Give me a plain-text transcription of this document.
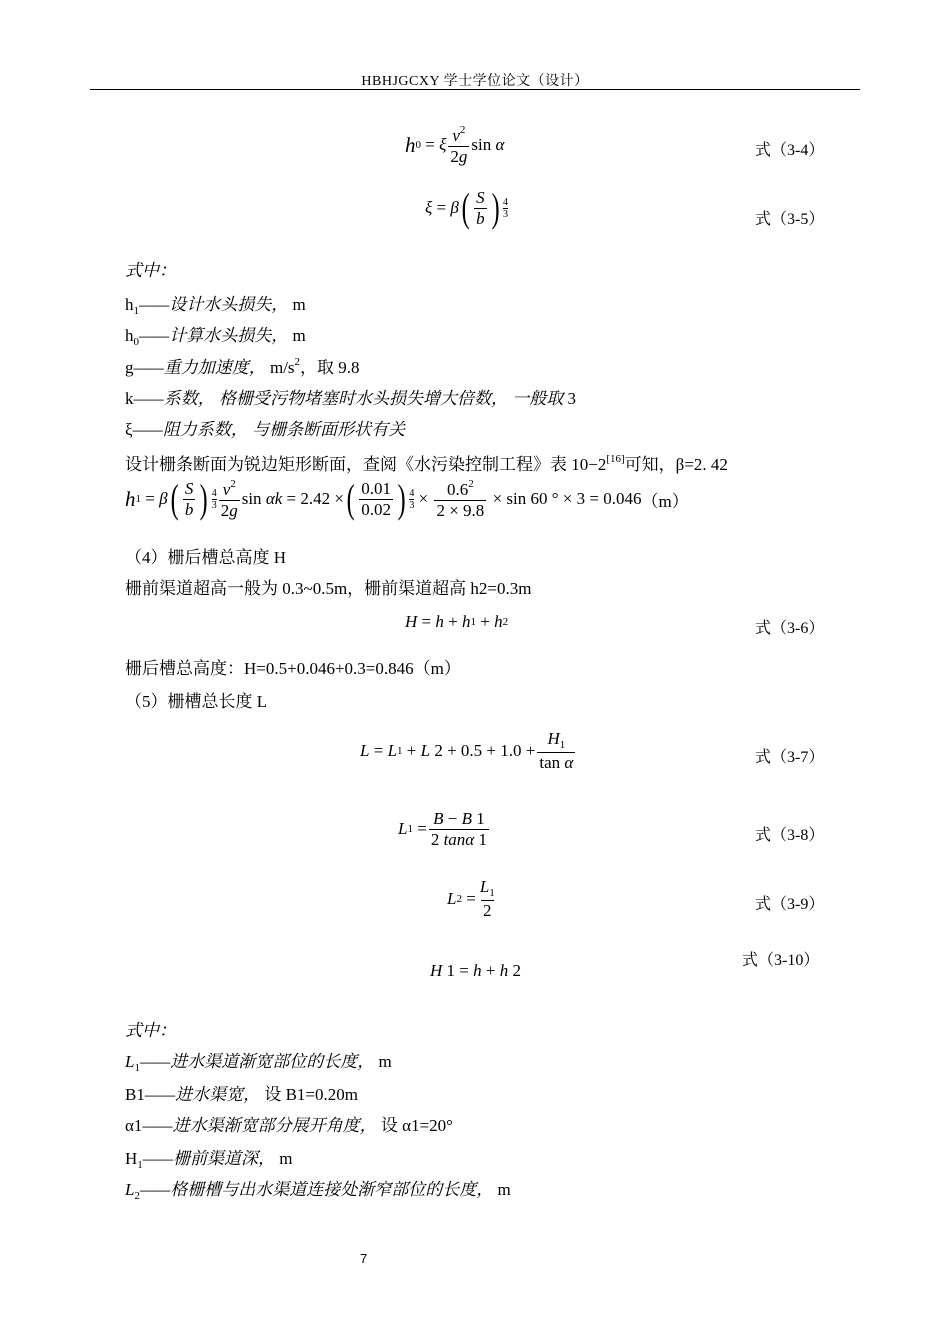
HBHJGCXY 学士学位论文（设计）
h 0 = ξ $\frac{v^2}{2g}$ sin α	式（3-4）
ξ = β ( $\frac{S}{b}$ ) 4
3	式（3-5）
式中：
$h_1——$设计水头损失， m
$h_0——$计算水头损失， m
g——重力加速度， $m/s^2$，取 9.8
k——系数， 格栅受污物堵塞时水头损失增大倍数， 一般取 3
ξ——阻力系数， 与栅条断面形状有关
设计栅条断面为锐边矩形断面，查阅《水污染控制工程》表 10−2[16]可知，β=2. 42
h 1 = β ( $\frac{S}{b}$ ) 4
$3 \frac{v^2}{2g}$ sin αk = 2.42 × ( $\frac{0.01}{0.02}$ ) $\frac{4}{3} \times \frac{0.6^2}{2 \times 9.8} \times \sin 60$ ° × 3 = 0.046 （m）
（4）栅后槽总高度 H
栅前渠道超高一般为 0.3~0.5m，栅前渠道超高 h2=0.3m
H = h + h 1 + h 2	式（3-6）
栅后槽总高度：H=0.5+0.046+0.3=0.846（m）
（5）栅槽总长度 L
L = L 1 + L $2 + 0.5 + 1.0 + \frac{H_1}{\text{tan α}}$	式（3-7）
L $1 = \frac{B - B 1}{2 \tan\alpha 1}$	式（3-8）
L $2 = \frac{L_1}{2}$	式（3-9）
式（3-10）
H 1 = h + h 2
式中：
$L_1——$进水渠道渐宽部位的长度， m
B1——进水渠宽， 设 B1=0.20m
α1——进水渠渐宽部分展开角度， 设 α1=20°
$H_1——$栅前渠道深， m
$L_2——$格栅槽与出水渠道连接处渐窄部位的长度， m
7
